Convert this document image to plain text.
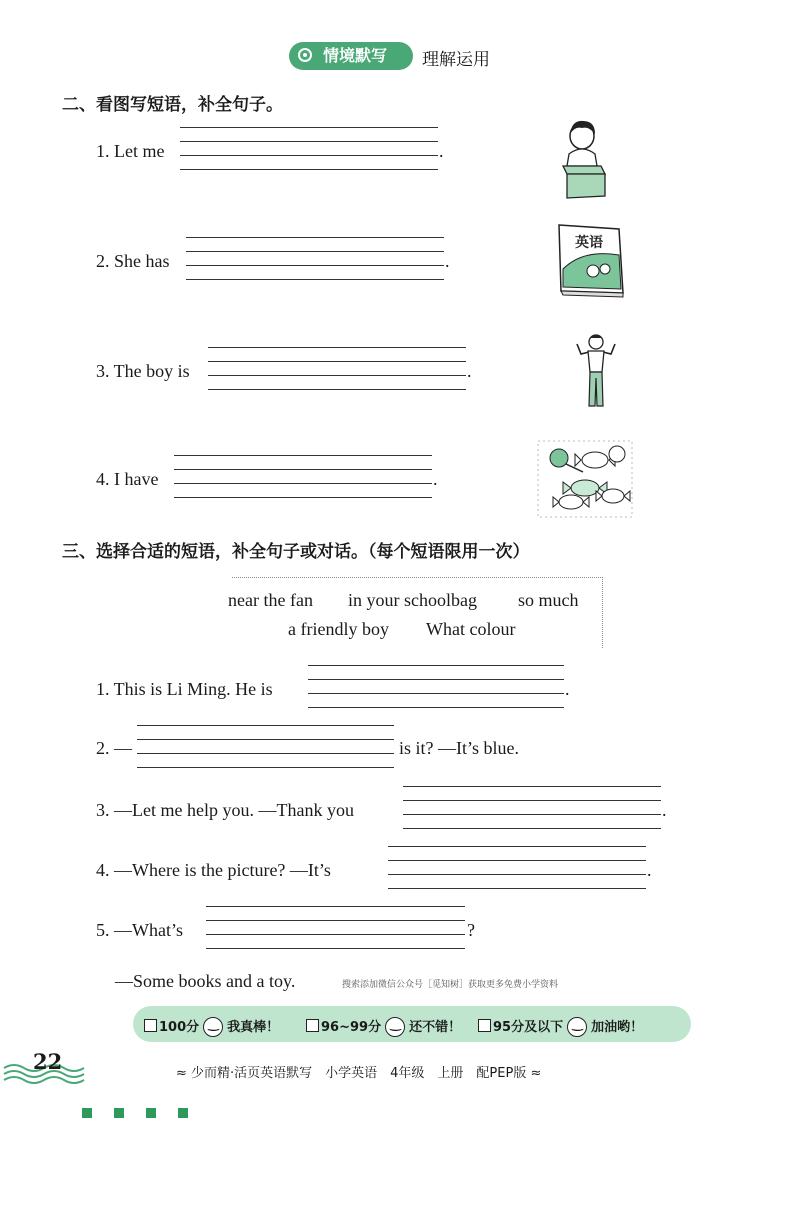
情境默写 理解运用
二、看图写短语，补全句子。
1. Let me	.
2. She has	.
英语
3. The boy is	.
4. I have	.
三、选择合适的短语，补全句子或对话。（每个短语限用一次）
near the fan in your schoolbag so much
a friendly boy What colour
1. This is Li Ming. He is	.
2. —	is it? —It’s blue.
3. —Let me help you. —Thank you	.
4. —Where is the picture? —It’s	.
5. —What’s	?
—Some books and a toy.	搜索添加微信公众号［觅知树］获取更多免费小学资料
100分 ‿ 我真棒！	96~99分 ‿ 还不错！	95分及以下 ‿ 加油哟！
22	≈ 少而精·活页英语默写　小学英语　4年级　上册　配PEP版 ≈
